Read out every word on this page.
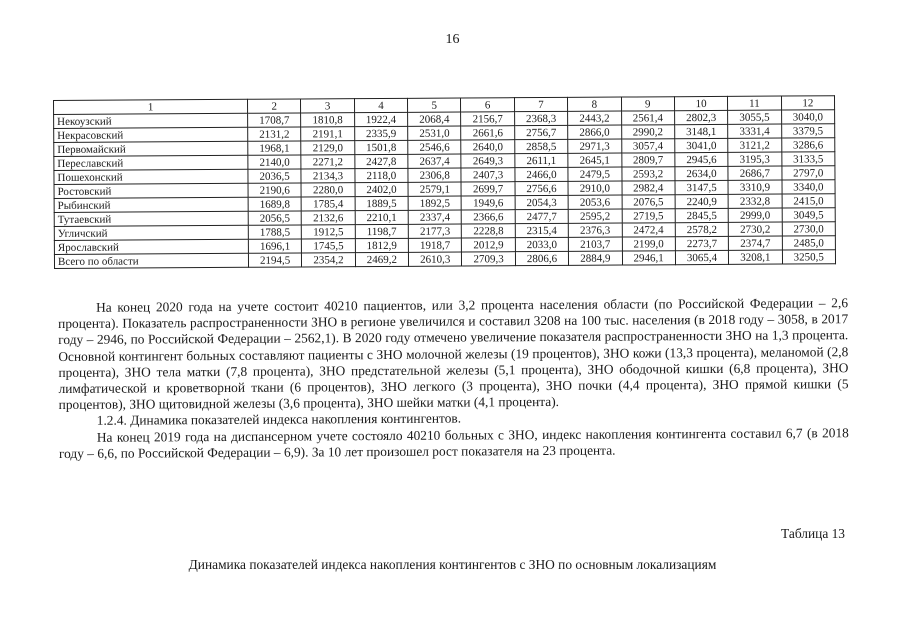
16
1	2	3	4	5	6	7	8	9	10	11	12
Некоузский	1708,7	1810,8	1922,4	2068,4	2156,7	2368,3	2443,2	2561,4	2802,3	3055,5	3040,0
Некрасовский	2131,2	2191,1	2335,9	2531,0	2661,6	2756,7	2866,0	2990,2	3148,1	3331,4	3379,5
Первомайский	1968,1	2129,0	1501,8	2546,6	2640,0	2858,5	2971,3	3057,4	3041,0	3121,2	3286,6
Переславский	2140,0	2271,2	2427,8	2637,4	2649,3	2611,1	2645,1	2809,7	2945,6	3195,3	3133,5
Пошехонский	2036,5	2134,3	2118,0	2306,8	2407,3	2466,0	2479,5	2593,2	2634,0	2686,7	2797,0
Ростовский	2190,6	2280,0	2402,0	2579,1	2699,7	2756,6	2910,0	2982,4	3147,5	3310,9	3340,0
Рыбинский	1689,8	1785,4	1889,5	1892,5	1949,6	2054,3	2053,6	2076,5	2240,9	2332,8	2415,0
Тутаевский	2056,5	2132,6	2210,1	2337,4	2366,6	2477,7	2595,2	2719,5	2845,5	2999,0	3049,5
Угличский	1788,5	1912,5	1198,7	2177,3	2228,8	2315,4	2376,3	2472,4	2578,2	2730,2	2730,0
Ярославский	1696,1	1745,5	1812,9	1918,7	2012,9	2033,0	2103,7	2199,0	2273,7	2374,7	2485,0
Всего по области	2194,5	2354,2	2469,2	2610,3	2709,3	2806,6	2884,9	2946,1	3065,4	3208,1	3250,5

На конец 2020 года на учете состоит 40210 пациентов, или 3,2 процента населения области (по Российской Федерации – 2,6 процента). Показатель распространенности ЗНО в регионе увеличился и составил 3208 на 100 тыс. населения (в 2018 году – 3058, в 2017 году – 2946, по Российской Федерации – 2562,1). В 2020 году отмечено увеличение показателя распространенности ЗНО на 1,3 процента. Основной контингент больных составляют пациенты с ЗНО молочной железы (19 процентов), ЗНО кожи (13,3 процента), меланомой (2,8 процента), ЗНО тела матки (7,8 процента), ЗНО предстательной железы (5,1 процента), ЗНО ободочной кишки (6,8 процента), ЗНО лимфатической и кроветворной ткани (6 процентов), ЗНО легкого (3 процента), ЗНО почки (4,4 процента), ЗНО прямой кишки (5 процентов), ЗНО щитовидной железы (3,6 процента), ЗНО шейки матки (4,1 процента).

1.2.4. Динамика показателей индекса накопления контингентов.

На конец 2019 года на диспансерном учете состояло 40210 больных с ЗНО, индекс накопления контингента составил 6,7 (в 2018 году – 6,6, по Российской Федерации – 6,9). За 10 лет произошел рост показателя на 23 процента.

Таблица 13
Динамика показателей индекса накопления контингентов с ЗНО по основным локализациям
